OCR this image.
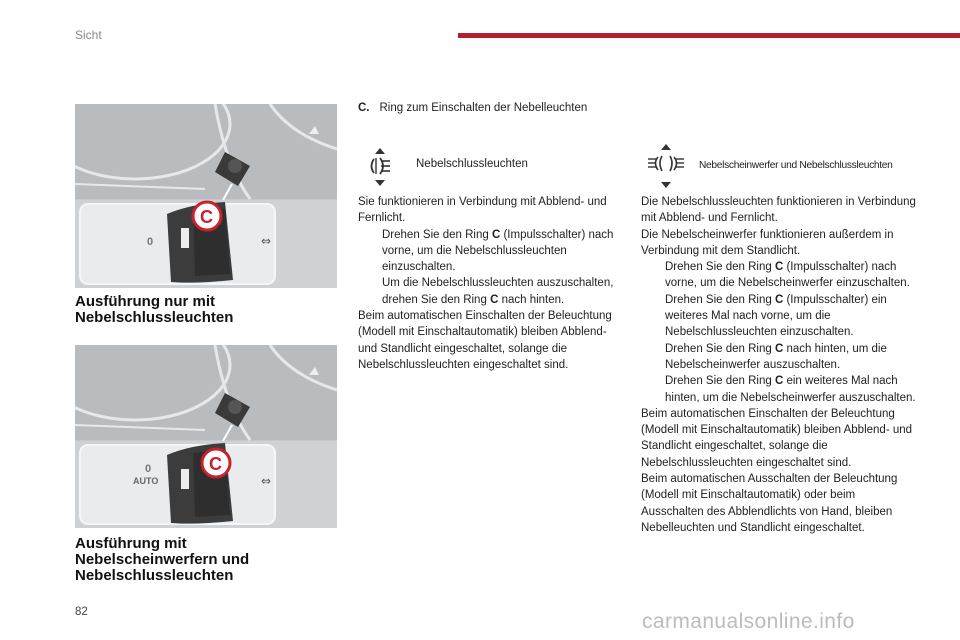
Sicht
0	⇔
C
Ausführung nur mit
Nebelschlussleuchten
0
AUTO	⇔
C
Ausführung mit
Nebelscheinwerfern und
Nebelschlussleuchten
C. Ring zum Einschalten der Nebelleuchten
Nebelschlussleuchten	Nebelscheinwerfer und Nebelschlussleuchten

Sie funktionieren in Verbindung mit Abblend- und Fernlicht.

Drehen Sie den Ring C (Impulsschalter) nach vorne, um die Nebelschlussleuchten einzuschalten.

Um die Nebelschlussleuchten auszuschalten, drehen Sie den Ring C nach hinten.

Beim automatischen Einschalten der Beleuchtung (Modell mit Einschaltautomatik) bleiben Abblend- und Standlicht eingeschaltet, solange die Nebelschlussleuchten eingeschaltet sind.

Die Nebelschlussleuchten funktionieren in Verbindung mit Abblend- und Fernlicht.

Die Nebelscheinwerfer funktionieren außerdem in Verbindung mit dem Standlicht.

Drehen Sie den Ring C (Impulsschalter) nach vorne, um die Nebelscheinwerfer einzuschalten.

Drehen Sie den Ring C (Impulsschalter) ein weiteres Mal nach vorne, um die Nebelschlussleuchten einzuschalten.

Drehen Sie den Ring C nach hinten, um die Nebelscheinwerfer auszuschalten.

Drehen Sie den Ring C ein weiteres Mal nach hinten, um die Nebelscheinwerfer auszuschalten.

Beim automatischen Einschalten der Beleuchtung (Modell mit Einschaltautomatik) bleiben Abblend- und Standlicht eingeschaltet, solange die Nebelschlussleuchten eingeschaltet sind.

Beim automatischen Ausschalten der Beleuchtung (Modell mit Einschaltautomatik) oder beim Ausschalten des Abblendlichts von Hand, bleiben Nebelleuchten und Standlicht eingeschaltet.

82	carmanualsonline.info
